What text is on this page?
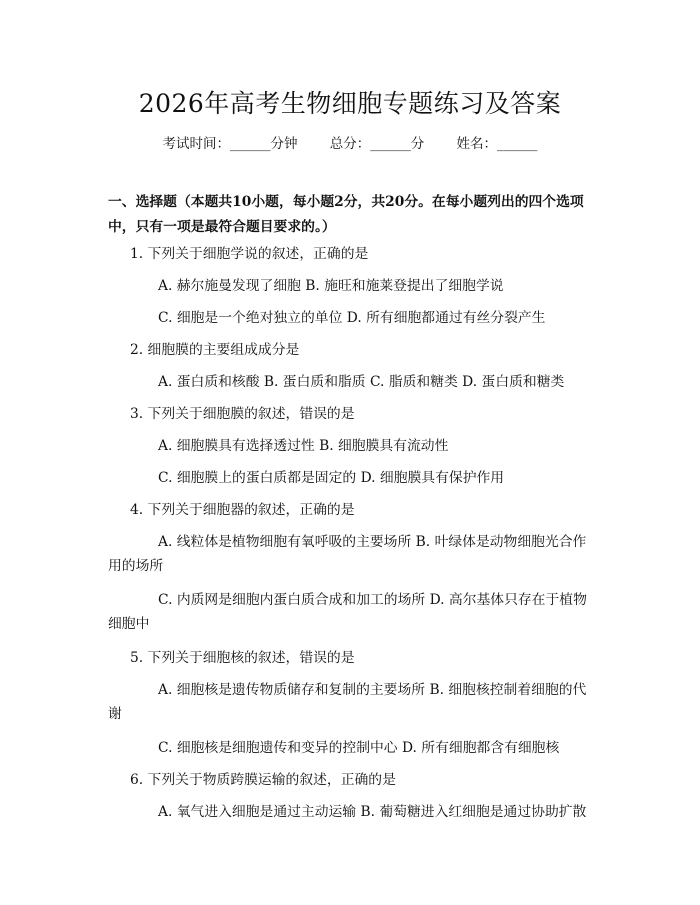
2026年高考生物细胞专题练习及答案
考试时间：______分钟 总分：______分 姓名：______
一、选择题（本题共10小题，每小题2分，共20分。在每小题列出的四个选项
中，只有一项是最符合题目要求的。）
1. 下列关于细胞学说的叙述，正确的是
A. 赫尔施曼发现了细胞 B. 施旺和施莱登提出了细胞学说
C. 细胞是一个绝对独立的单位 D. 所有细胞都通过有丝分裂产生
2. 细胞膜的主要组成成分是
A. 蛋白质和核酸 B. 蛋白质和脂质 C. 脂质和糖类 D. 蛋白质和糖类
3. 下列关于细胞膜的叙述，错误的是
A. 细胞膜具有选择透过性 B. 细胞膜具有流动性
C. 细胞膜上的蛋白质都是固定的 D. 细胞膜具有保护作用
4. 下列关于细胞器的叙述，正确的是
A. 线粒体是植物细胞有氧呼吸的主要场所 B. 叶绿体是动物细胞光合作
用的场所
C. 内质网是细胞内蛋白质合成和加工的场所 D. 高尔基体只存在于植物
细胞中
5. 下列关于细胞核的叙述，错误的是
A. 细胞核是遗传物质储存和复制的主要场所 B. 细胞核控制着细胞的代
谢
C. 细胞核是细胞遗传和变异的控制中心 D. 所有细胞都含有细胞核
6. 下列关于物质跨膜运输的叙述，正确的是
A. 氧气进入细胞是通过主动运输 B. 葡萄糖进入红细胞是通过协助扩散
